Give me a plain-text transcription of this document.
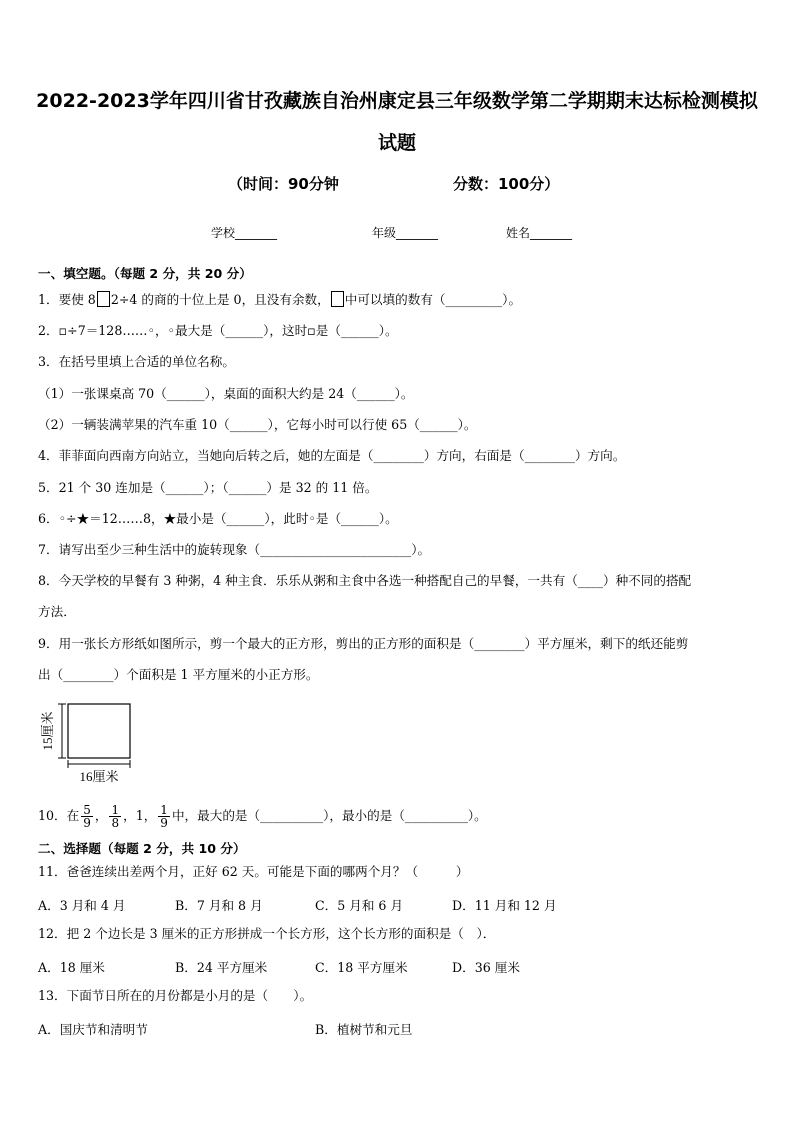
2022-2023学年四川省甘孜藏族自治州康定县三年级数学第二学期期末达标检测模拟
试题
（时间：90分钟	分数：100分）
学校_______	年级_______	姓名_______
一、填空题。（每题 2 分，共 20 分）
1．要使 8 2÷4 的商的十位上是 0，且没有余数， 中可以填的数有（_________）。
2．▫÷7＝128……◦，◦最大是（______），这时▫是（______）。
3．在括号里填上合适的单位名称。
（1）一张课桌高 70（______），桌面的面积大约是 24（______）。
（2）一辆装满苹果的汽车重 10（______），它每小时可以行使 65（______）。
4．菲菲面向西南方向站立，当她向后转之后，她的左面是（________）方向，右面是（________）方向。
5．21 个 30 连加是（______）；（______）是 32 的 11 倍。
6．◦÷★＝12……8，★最小是（______），此时◦是（______）。
7．请写出至少三种生活中的旋转现象（________________________）。
8．今天学校的早餐有 3 种粥，4 种主食．乐乐从粥和主食中各选一种搭配自己的早餐，一共有（____）种不同的搭配
方法．
9．用一张长方形纸如图所示，剪一个最大的正方形，剪出的正方形的面积是（________）平方厘米，剩下的纸还能剪
出（________）个面积是 1 平方厘米的小正方形。
15厘米
16厘米
10．在 $\frac{5}{9}$ ， $\frac{1}{8}$ ，1， $\frac{1}{9}$ 中，最大的是（__________），最小的是（__________）。
二、选择题（每题 2 分，共 10 分）
11．爸爸连续出差两个月，正好 62 天。可能是下面的哪两个月？（　　　）
A．3 月和 4 月	B．7 月和 8 月	C．5 月和 6 月	D．11 月和 12 月
12．把 2 个边长是 3 厘米的正方形拼成一个长方形，这个长方形的面积是（　）．
A．18 厘米	B．24 平方厘米	C．18 平方厘米	D．36 厘米
13．下面节日所在的月份都是小月的是（　　）。
A．国庆节和清明节	B．植树节和元旦
